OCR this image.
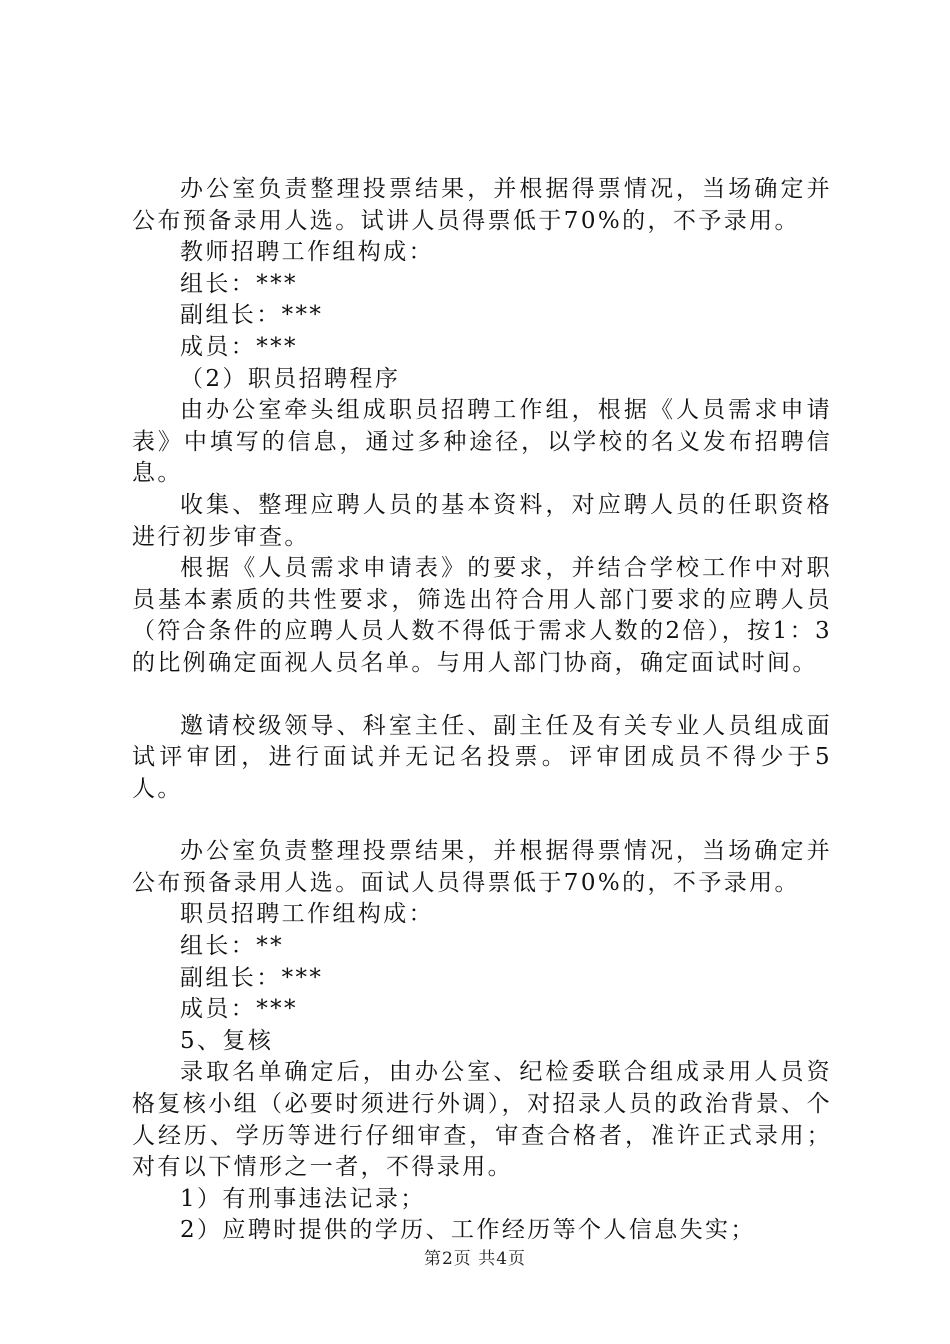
办公室负责整理投票结果，并根据得票情况，当场确定并公布预备录用人选。试讲人员得票低于70%的，不予录用。

教师招聘工作组构成：

组长：***

副组长：***

成员：***

（2）职员招聘程序

由办公室牵头组成职员招聘工作组，根据《人员需求申请表》中填写的信息，通过多种途径，以学校的名义发布招聘信息。

收集、整理应聘人员的基本资料，对应聘人员的任职资格进行初步审查。

根据《人员需求申请表》的要求，并结合学校工作中对职员基本素质的共性要求，筛选出符合用人部门要求的应聘人员（符合条件的应聘人员人数不得低于需求人数的2倍），按1：3的比例确定面视人员名单。与用人部门协商，确定面试时间。

邀请校级领导、科室主任、副主任及有关专业人员组成面试评审团，进行面试并无记名投票。评审团成员不得少于5人。

办公室负责整理投票结果，并根据得票情况，当场确定并公布预备录用人选。面试人员得票低于70%的，不予录用。

职员招聘工作组构成：

组长：**

副组长：***

成员：***

5、复核

录取名单确定后，由办公室、纪检委联合组成录用人员资格复核小组（必要时须进行外调），对招录人员的政治背景、个人经历、学历等进行仔细审查，审查合格者，准许正式录用；对有以下情形之一者，不得录用。

1）有刑事违法记录；

2）应聘时提供的学历、工作经历等个人信息失实；

第2页 共4页
